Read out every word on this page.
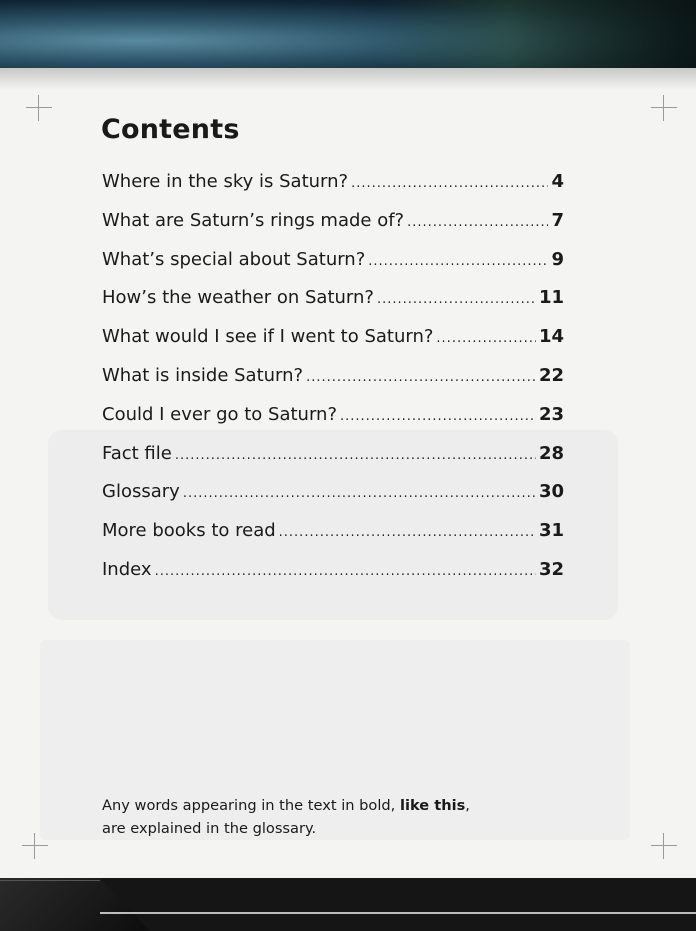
Contents
Where in the sky is Saturn? .....	4
What are Saturn’s rings made of? .....	7
What’s special about Saturn? .....	9
How’s the weather on Saturn? .....	11
What would I see if I went to Saturn? .....	14
What is inside Saturn? .....	22
Could I ever go to Saturn? .....	23
Fact file .....	28
Glossary .....	30
More books to read .....	31
Index .....	32

Any words appearing in the text in bold, like this,
are explained in the glossary.
